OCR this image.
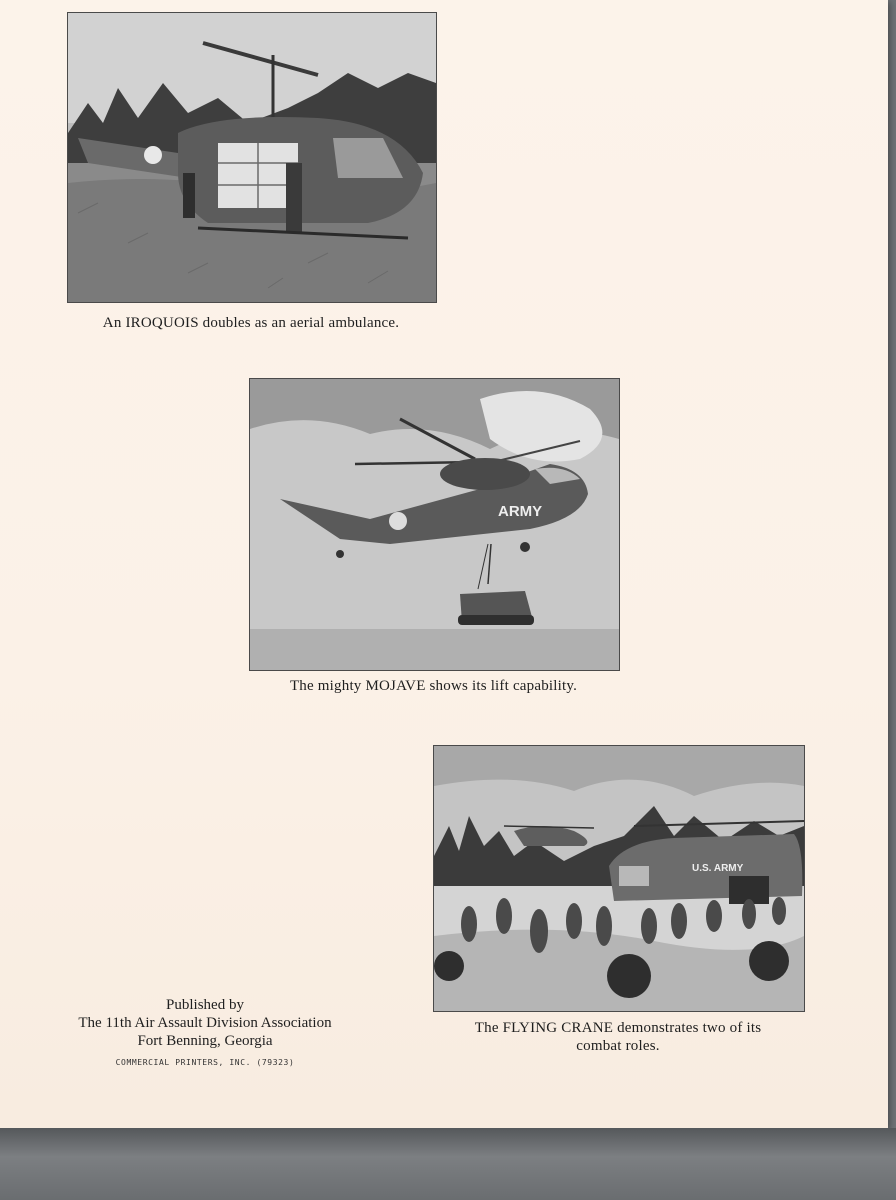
An IROQUOIS doubles as an aerial ambulance.
ARMY
The mighty MOJAVE shows its lift capability.
U.S. ARMY
The FLYING CRANE demonstrates two of its
combat roles.
Published by
The 11th Air Assault Division Association
Fort Benning, Georgia
COMMERCIAL PRINTERS, INC. (79323)
